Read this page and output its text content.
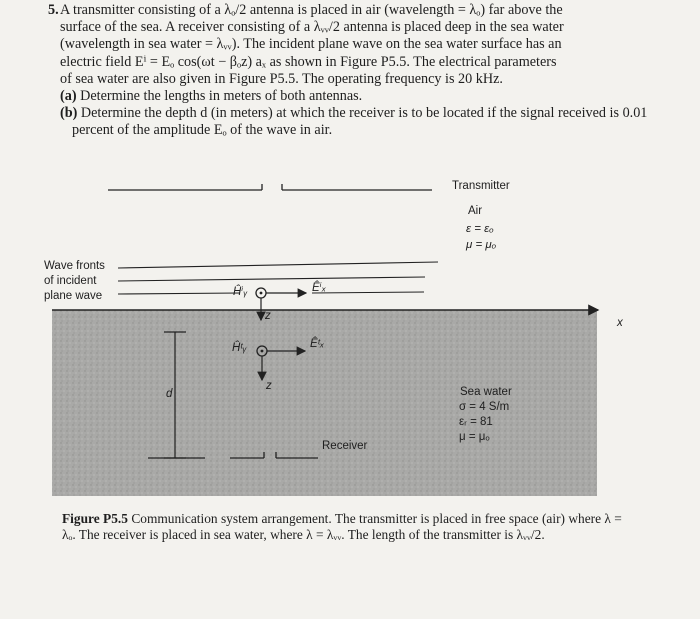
5. A transmitter consisting of a λₒ/2 antenna is placed in air (wavelength = λₒ) far above the

surface of the sea. A receiver consisting of a λᵥᵥ/2 antenna is placed deep in the sea water

(wavelength in sea water = λᵥᵥ). The incident plane wave on the sea water surface has an

electric field Eⁱ = Eₒ cos(ωt − βₒz) aₓ as shown in Figure P5.5. The electrical parameters

of sea water are also given in Figure P5.5. The operating frequency is 20 kHz.

(a) Determine the lengths in meters of both antennas.

(b) Determine the depth d (in meters) at which the receiver is to be located if the signal received is 0.01 percent of the amplitude Eₒ of the wave in air.

Transmitter
Air
ε = εₒ
μ = μₒ
Wave fronts
of incident
plane wave	Ĥⁱᵧ	Êⁱₓ
z
x
Ĥᵗᵧ	Êᵗₓ
z
d
Receiver
Sea water
σ = 4 S/m
εᵣ = 81
μ = μₒ
Figure P5.5 Communication system arrangement. The transmitter is placed in free space (air) where λ = λₒ. The receiver is placed in sea water, where λ = λᵥᵥ. The length of the transmitter is λᵥᵥ/2.
